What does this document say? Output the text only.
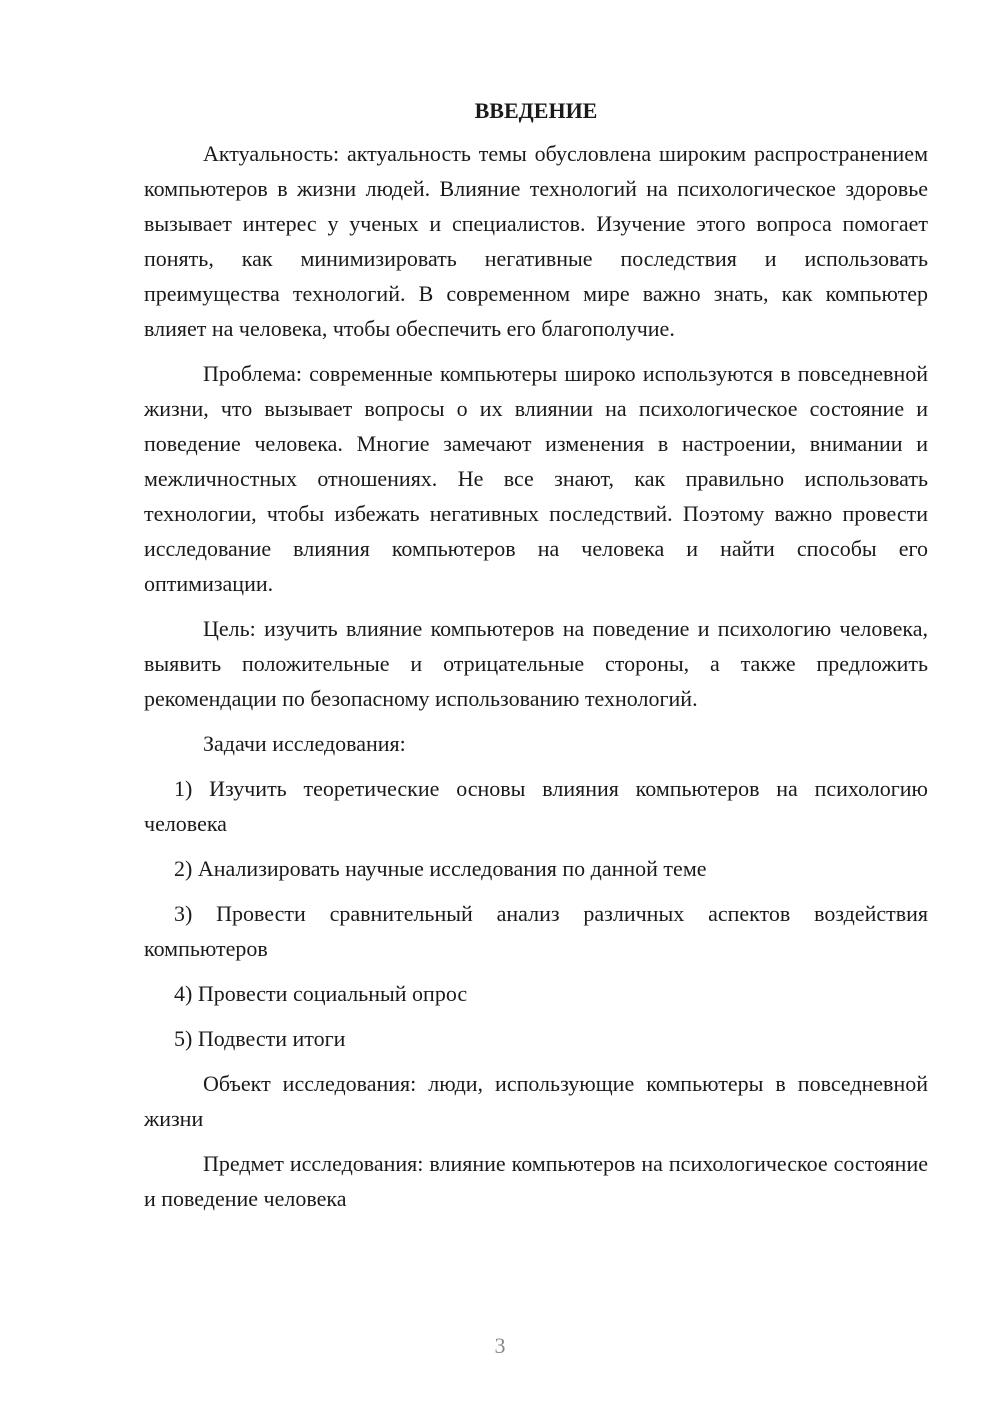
ВВЕДЕНИЕ

Актуальность: актуальность темы обусловлена широким распространением компьютеров в жизни людей. Влияние технологий на психологическое здоровье вызывает интерес у ученых и специалистов. Изучение этого вопроса помогает понять, как минимизировать негативные последствия и использовать преимущества технологий. В современном мире важно знать, как компьютер влияет на человека, чтобы обеспечить его благополучие.

Проблема: современные компьютеры широко используются в повседневной жизни, что вызывает вопросы о их влиянии на психологическое состояние и поведение человека. Многие замечают изменения в настроении, внимании и межличностных отношениях. Не все знают, как правильно использовать технологии, чтобы избежать негативных последствий. Поэтому важно провести исследование влияния компьютеров на человека и найти способы его оптимизации.

Цель: изучить влияние компьютеров на поведение и психологию человека, выявить положительные и отрицательные стороны, а также предложить рекомендации по безопасному использованию технологий.

Задачи исследования:

1) Изучить теоретические основы влияния компьютеров на психологию человека

2) Анализировать научные исследования по данной теме

3) Провести сравнительный анализ различных аспектов воздействия компьютеров

4) Провести социальный опрос

5) Подвести итоги

Объект исследования: люди, использующие компьютеры в повседневной жизни

Предмет исследования: влияние компьютеров на психологическое состояние и поведение человека

3
